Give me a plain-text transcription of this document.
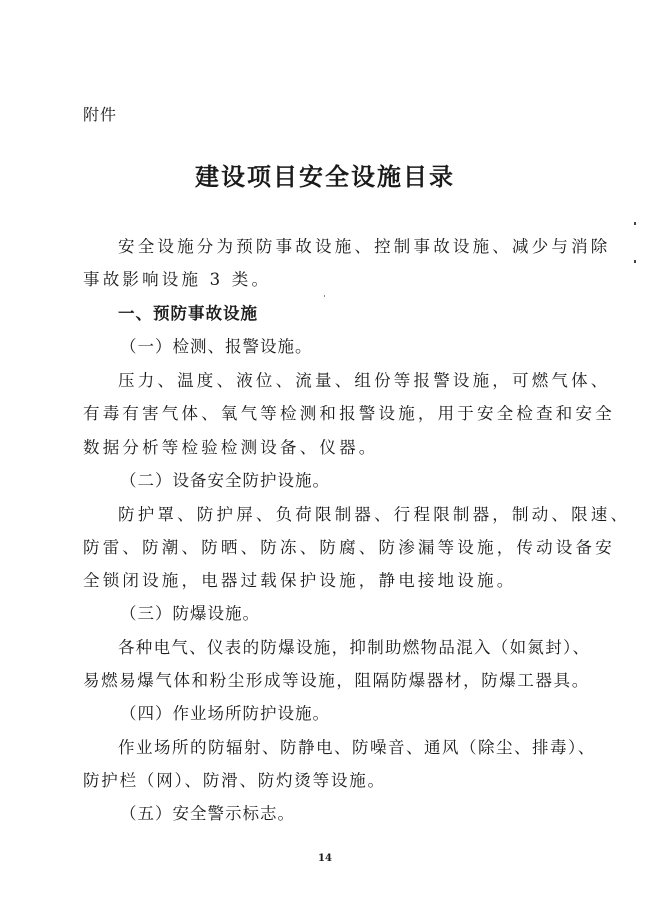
附件
建设项目安全设施目录
安全设施分为预防事故设施、控制事故设施、减少与消除
事故影响设施 3 类。
一、预防事故设施
（一）检测、报警设施。
压力、温度、液位、流量、组份等报警设施，可燃气体、
有毒有害气体、氧气等检测和报警设施，用于安全检查和安全
数据分析等检验检测设备、仪器。
（二）设备安全防护设施。
防护罩、防护屏、负荷限制器、行程限制器，制动、限速、
防雷、防潮、防晒、防冻、防腐、防渗漏等设施，传动设备安
全锁闭设施，电器过载保护设施，静电接地设施。
（三）防爆设施。
各种电气、仪表的防爆设施，抑制助燃物品混入（如氮封）、
易燃易爆气体和粉尘形成等设施，阻隔防爆器材，防爆工器具。
（四）作业场所防护设施。
作业场所的防辐射、防静电、防噪音、通风（除尘、排毒）、
防护栏（网）、防滑、防灼烫等设施。
（五）安全警示标志。
14
